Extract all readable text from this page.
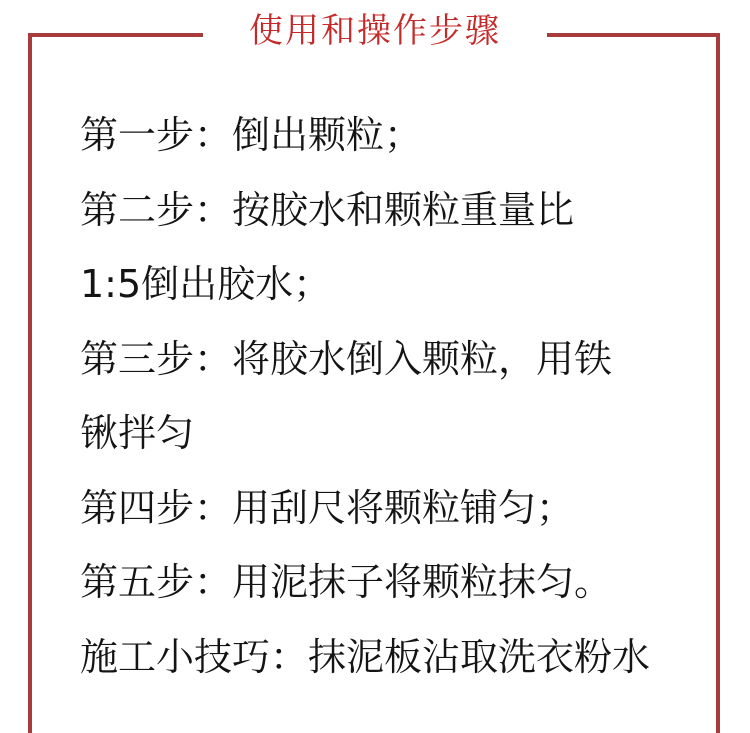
使用和操作步骤
第一步：倒出颗粒；
第二步：按胶水和颗粒重量比
1:5倒出胶水；
第三步：将胶水倒入颗粒，用铁
锹拌匀
第四步：用刮尺将颗粒铺匀；
第五步：用泥抹子将颗粒抹匀。
施工小技巧：抹泥板沾取洗衣粉水
